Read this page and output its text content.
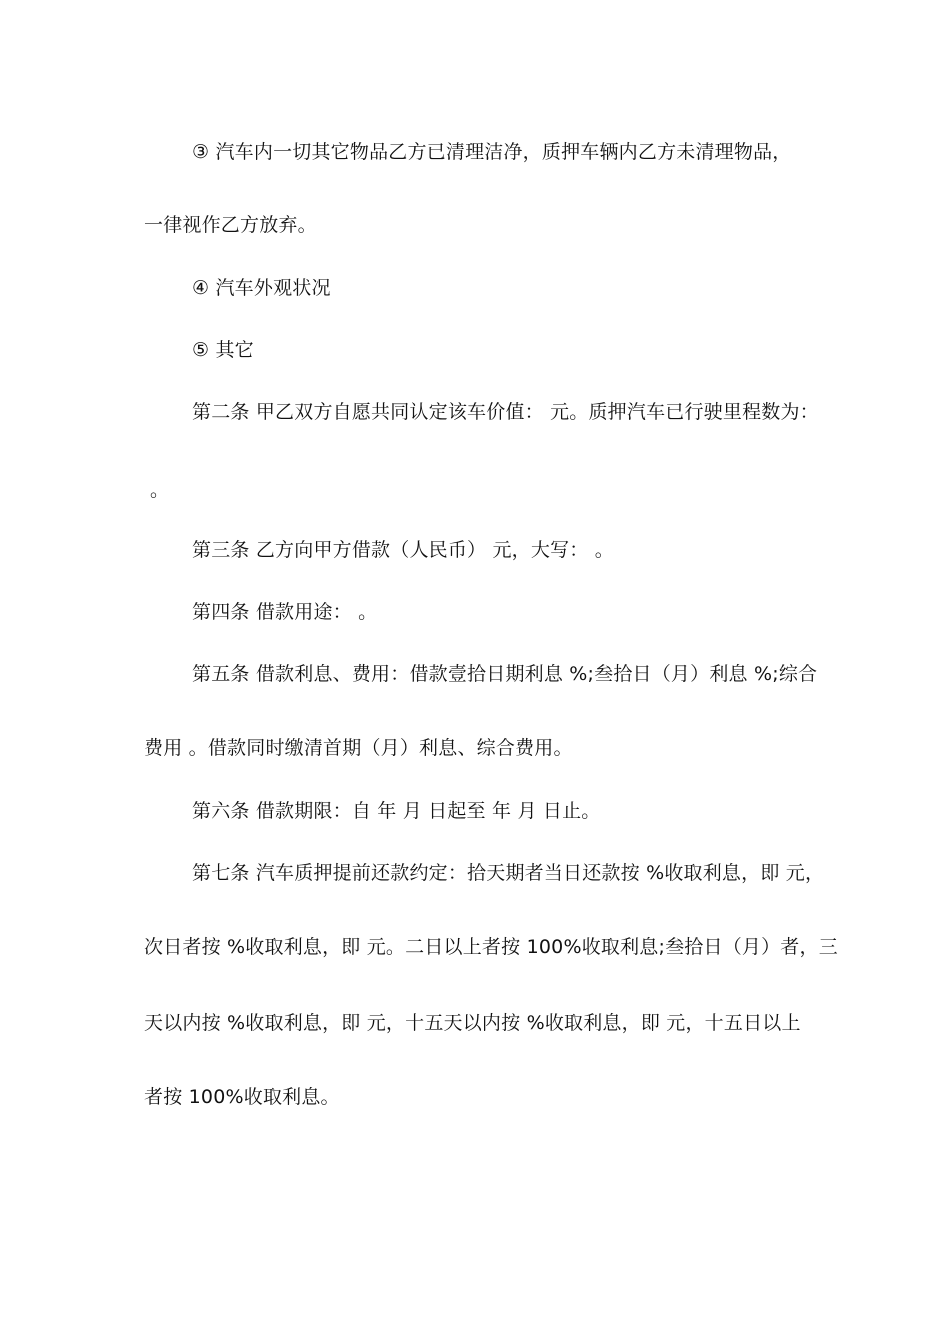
③ 汽车内一切其它物品乙方已清理洁净，质押车辆内乙方未清理物品，
一律视作乙方放弃。
④ 汽车外观状况
⑤ 其它
第二条 甲乙双方自愿共同认定该车价值： 元。质押汽车已行驶里程数为：
。
第三条 乙方向甲方借款（人民币） 元，大写： 。
第四条 借款用途： 。
第五条 借款利息、费用：借款壹拾日期利息 %;叁拾日（月）利息 %;综合
费用 。借款同时缴清首期（月）利息、综合费用。
第六条 借款期限：自 年 月 日起至 年 月 日止。
第七条 汽车质押提前还款约定：拾天期者当日还款按 %收取利息，即 元，
次日者按 %收取利息，即 元。二日以上者按 100%收取利息;叁拾日（月）者，三
天以内按 %收取利息，即 元，十五天以内按 %收取利息，即 元，十五日以上
者按 100%收取利息。
